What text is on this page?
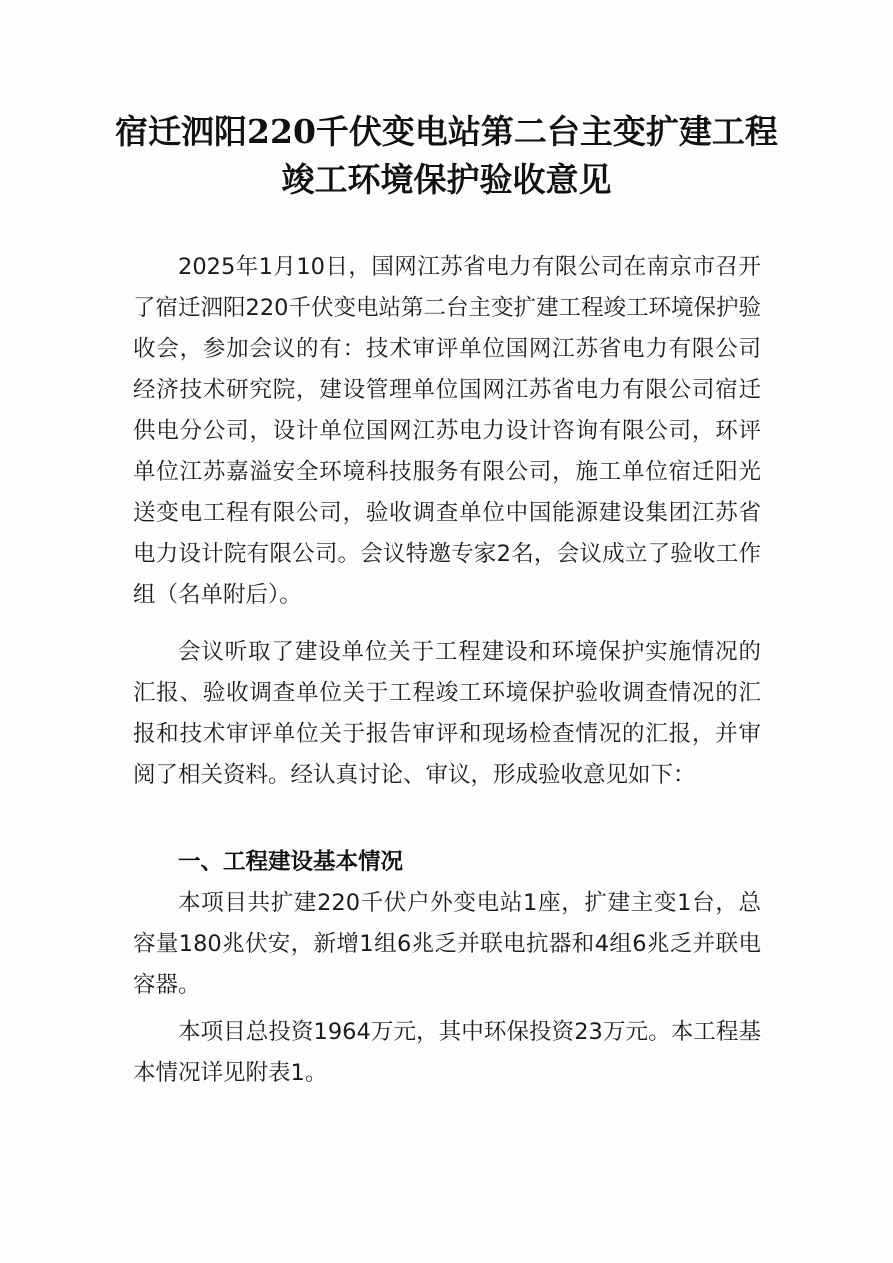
宿迁泗阳220千伏变电站第二台主变扩建工程
竣工环境保护验收意见

2025年1月10日，国网江苏省电力有限公司在南京市召开了宿迁泗阳220千伏变电站第二台主变扩建工程竣工环境保护验收会，参加会议的有：技术审评单位国网江苏省电力有限公司经济技术研究院，建设管理单位国网江苏省电力有限公司宿迁供电分公司，设计单位国网江苏电力设计咨询有限公司，环评单位江苏嘉溢安全环境科技服务有限公司，施工单位宿迁阳光送变电工程有限公司，验收调查单位中国能源建设集团江苏省电力设计院有限公司。会议特邀专家2名，会议成立了验收工作组（名单附后）。

会议听取了建设单位关于工程建设和环境保护实施情况的汇报、验收调查单位关于工程竣工环境保护验收调查情况的汇报和技术审评单位关于报告审评和现场检查情况的汇报，并审阅了相关资料。经认真讨论、审议，形成验收意见如下：

一、工程建设基本情况

本项目共扩建220千伏户外变电站1座，扩建主变1台，总容量180兆伏安，新增1组6兆乏并联电抗器和4组6兆乏并联电容器。

本项目总投资1964万元，其中环保投资23万元。本工程基本情况详见附表1。
